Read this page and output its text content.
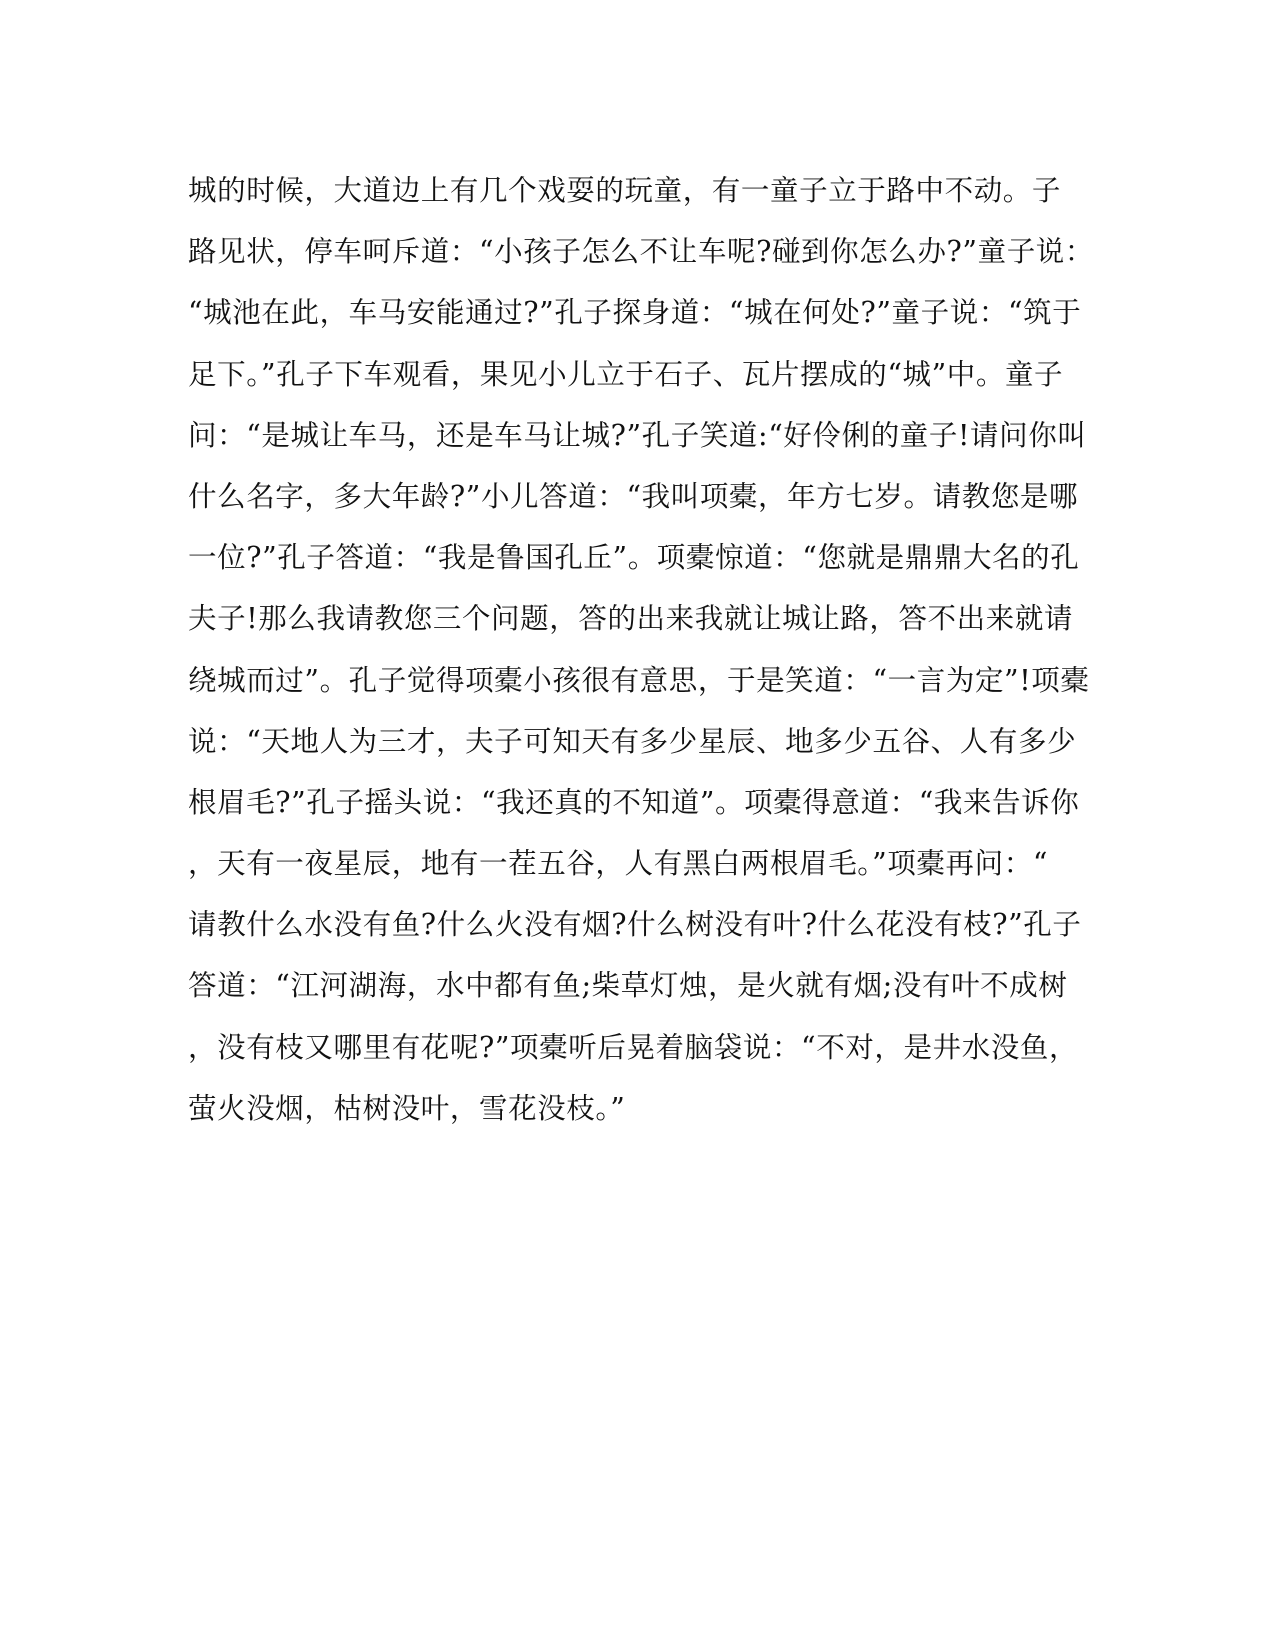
城的时候，大道边上有几个戏耍的玩童，有一童子立于路中不动。子
路见状，停车呵斥道：“小孩子怎么不让车呢?碰到你怎么办?”童子说：
“城池在此，车马安能通过?”孔子探身道：“城在何处?”童子说：“筑于
足下。”孔子下车观看，果见小儿立于石子、瓦片摆成的“城”中。童子
问：“是城让车马，还是车马让城?”孔子笑道:“好伶俐的童子!请问你叫
什么名字，多大年龄?”小儿答道：“我叫项橐，年方七岁。请教您是哪
一位?”孔子答道：“我是鲁国孔丘”。项橐惊道：“您就是鼎鼎大名的孔
夫子!那么我请教您三个问题，答的出来我就让城让路，答不出来就请
绕城而过”。孔子觉得项橐小孩很有意思，于是笑道：“一言为定”!项橐
说：“天地人为三才，夫子可知天有多少星辰、地多少五谷、人有多少
根眉毛?”孔子摇头说：“我还真的不知道”。项橐得意道：“我来告诉你
，天有一夜星辰，地有一茬五谷，人有黑白两根眉毛。”项橐再问：“
请教什么水没有鱼?什么火没有烟?什么树没有叶?什么花没有枝?”孔子
答道：“江河湖海，水中都有鱼;柴草灯烛，是火就有烟;没有叶不成树
，没有枝又哪里有花呢?”项橐听后晃着脑袋说：“不对，是井水没鱼，
萤火没烟，枯树没叶，雪花没枝。”
